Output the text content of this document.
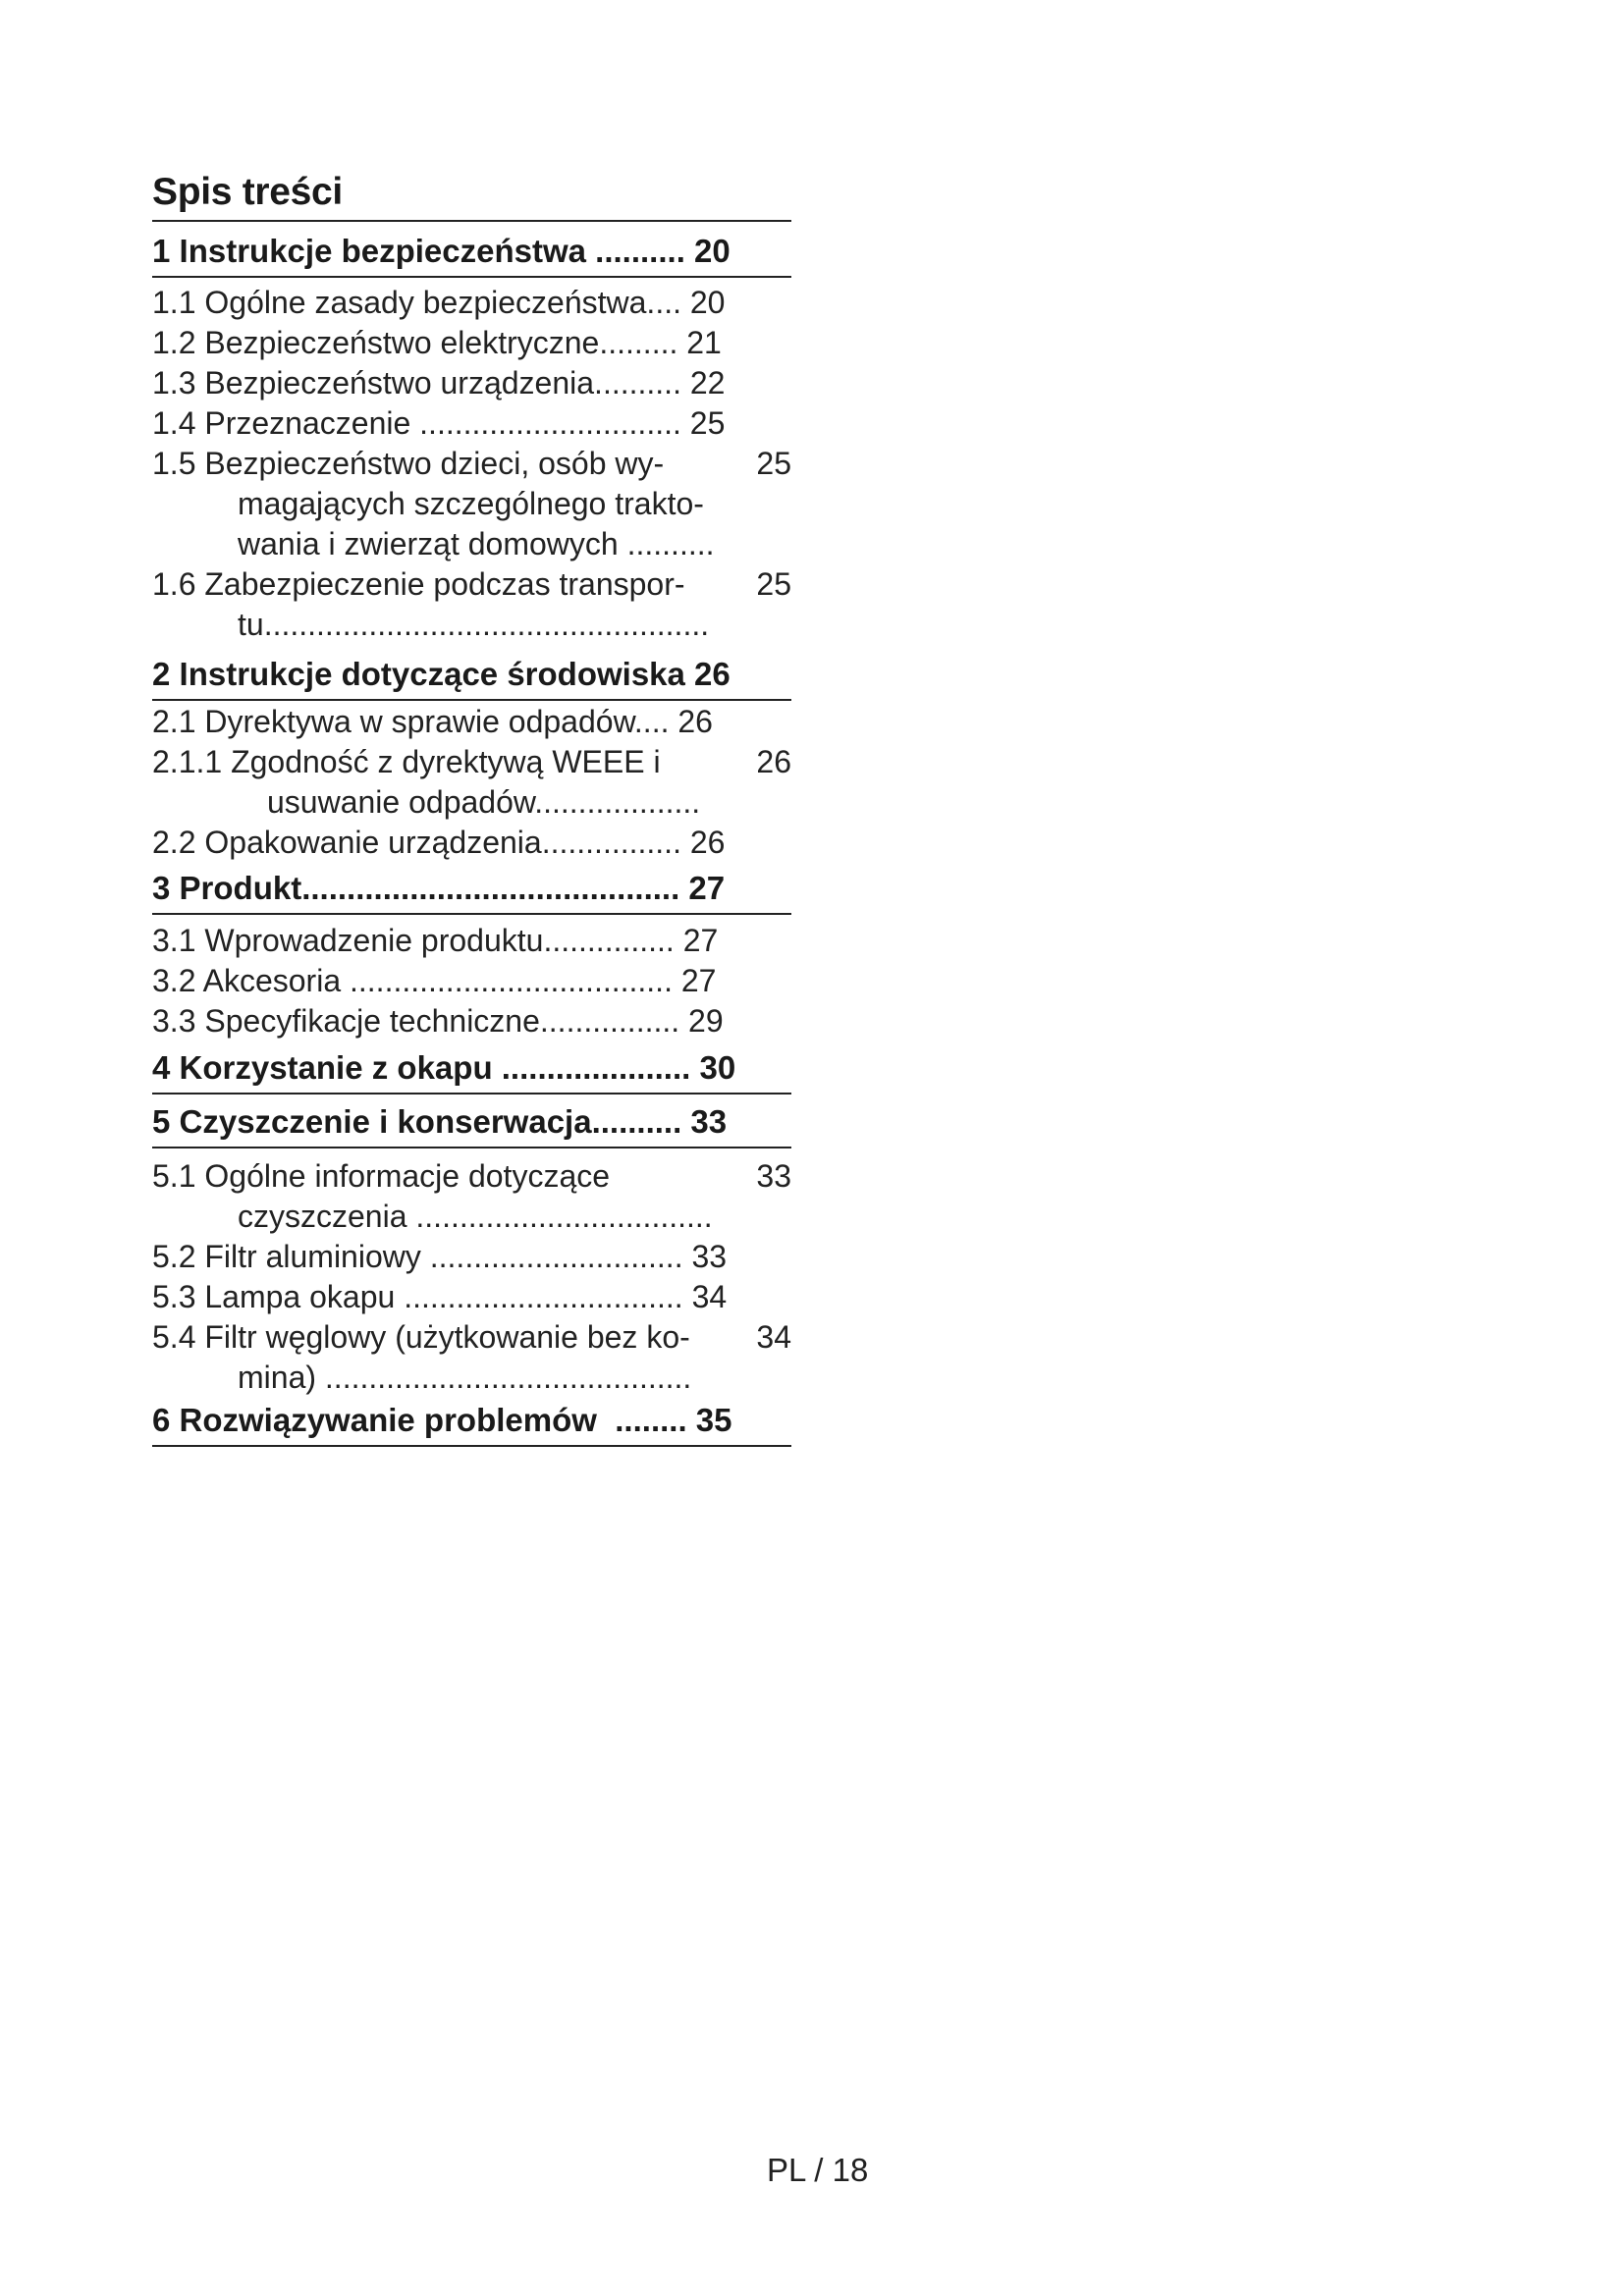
Spis treści
1 Instrukcje bezpieczeństwa .......... 20
1.1 Ogólne zasady bezpieczeństwa.... 20
1.2 Bezpieczeństwo elektryczne......... 21
1.3 Bezpieczeństwo urządzenia.......... 22
1.4 Przeznaczenie .............................. 25
1.5 Bezpieczeństwo dzieci, osób wy-
magających szczególnego trakto-
wania i zwierząt domowych ..........
25
1.6 Zabezpieczenie podczas transpor-
tu...................................................
25
2 Instrukcje dotyczące środowiska 26
2.1 Dyrektywa w sprawie odpadów.... 26
2.1.1 Zgodność z dyrektywą WEEE i
usuwanie odpadów...................
26
2.2 Opakowanie urządzenia................ 26
3 Produkt.......................................... 27
3.1 Wprowadzenie produktu............... 27
3.2 Akcesoria ..................................... 27
3.3 Specyfikacje techniczne................ 29
4 Korzystanie z okapu ..................... 30
5 Czyszczenie i konserwacja.......... 33
5.1 Ogólne informacje dotyczące
czyszczenia ..................................
33
5.2 Filtr aluminiowy ............................. 33
5.3 Lampa okapu ................................ 34
5.4 Filtr węglowy (użytkowanie bez ko-
mina) ..........................................
34
6 Rozwiązywanie problemów  ........ 35
PL / 18
